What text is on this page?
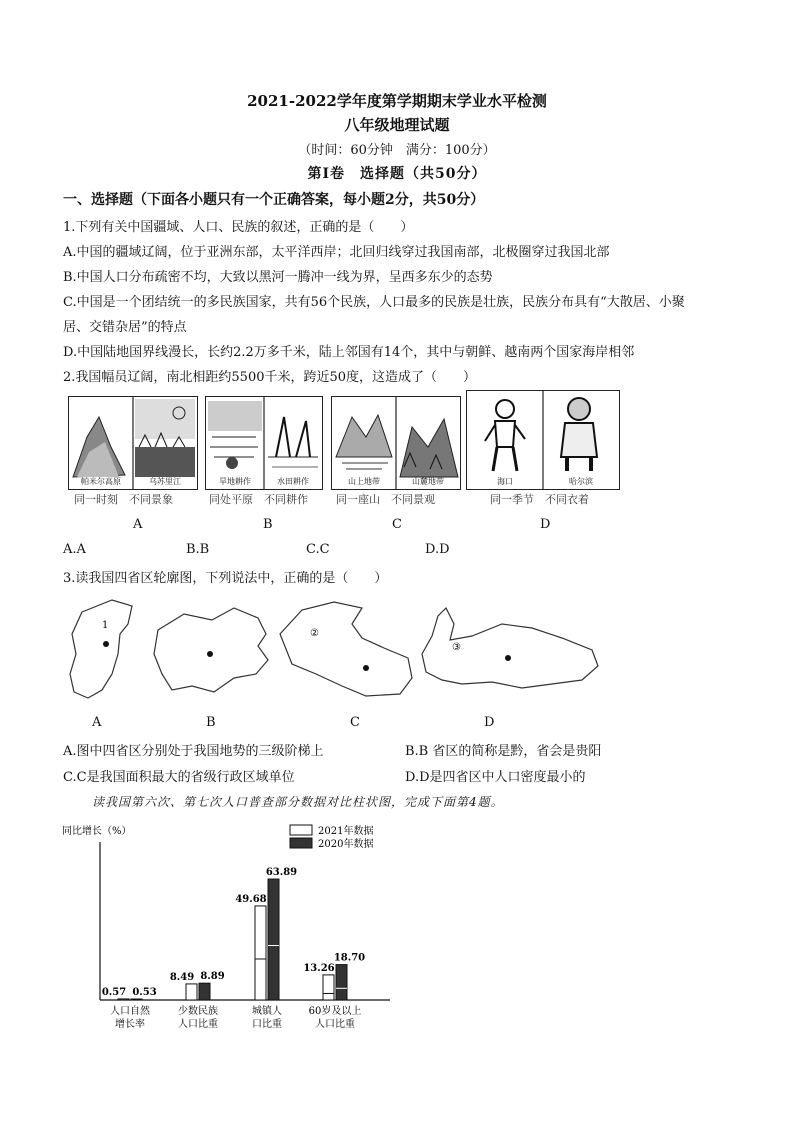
2021-2022学年度第学期期末学业水平检测
八年级地理试题
（时间：60分钟　满分：100分）
第Ⅰ卷　选择题（共50分）
一、选择题（下面各小题只有一个正确答案，每小题2分，共50分）
1.下列有关中国疆域、人口、民族的叙述，正确的是（　　）
A.中国的疆域辽阔，位于亚洲东部，太平洋西岸；北回归线穿过我国南部，北极圈穿过我国北部
B.中国人口分布疏密不均，大致以黑河一腾冲一线为界，呈西多东少的态势
C.中国是一个团结统一的多民族国家，共有56个民族，人口最多的民族是壮族，民族分布具有“大散居、小聚
居、交错杂居”的特点
D.中国陆地国界线漫长，长约2.2万多千米，陆上邻国有14个，其中与朝鲜、越南两个国家海岸相邻
2.我国幅员辽阔，南北相距约5500千米，跨近50度，这造成了（　　）
帕米尔高原	乌苏里江
同一时刻　不同景象
A
旱地耕作	水田耕作
同处平原　不同耕作
B
山上地带	山麓地带
同一座山　不同景观
C
海口	哈尔滨
同一季节　不同衣着
D
A.A	B.B	C.C	D.D
3.读我国四省区轮廓图，下列说法中，正确的是（　　）
1
②
③
A	B	C	D
A.图中四省区分别处于我国地势的三级阶梯上	B.B 省区的简称是黔，省会是贵阳
C.C是我国面积最大的省级行政区域单位	D.D是四省区中人口密度最小的
读我国第六次、第七次人口普查部分数据对比柱状图，完成下面第4题。
同比增长（%）	2021年数据
2020年数据
0.57
8.49
49.68
13.26
0.53
8.89
63.89
18.70
人口自然
增长率
少数民族
人口比重
城镇人
口比重
60岁及以上
人口比重
